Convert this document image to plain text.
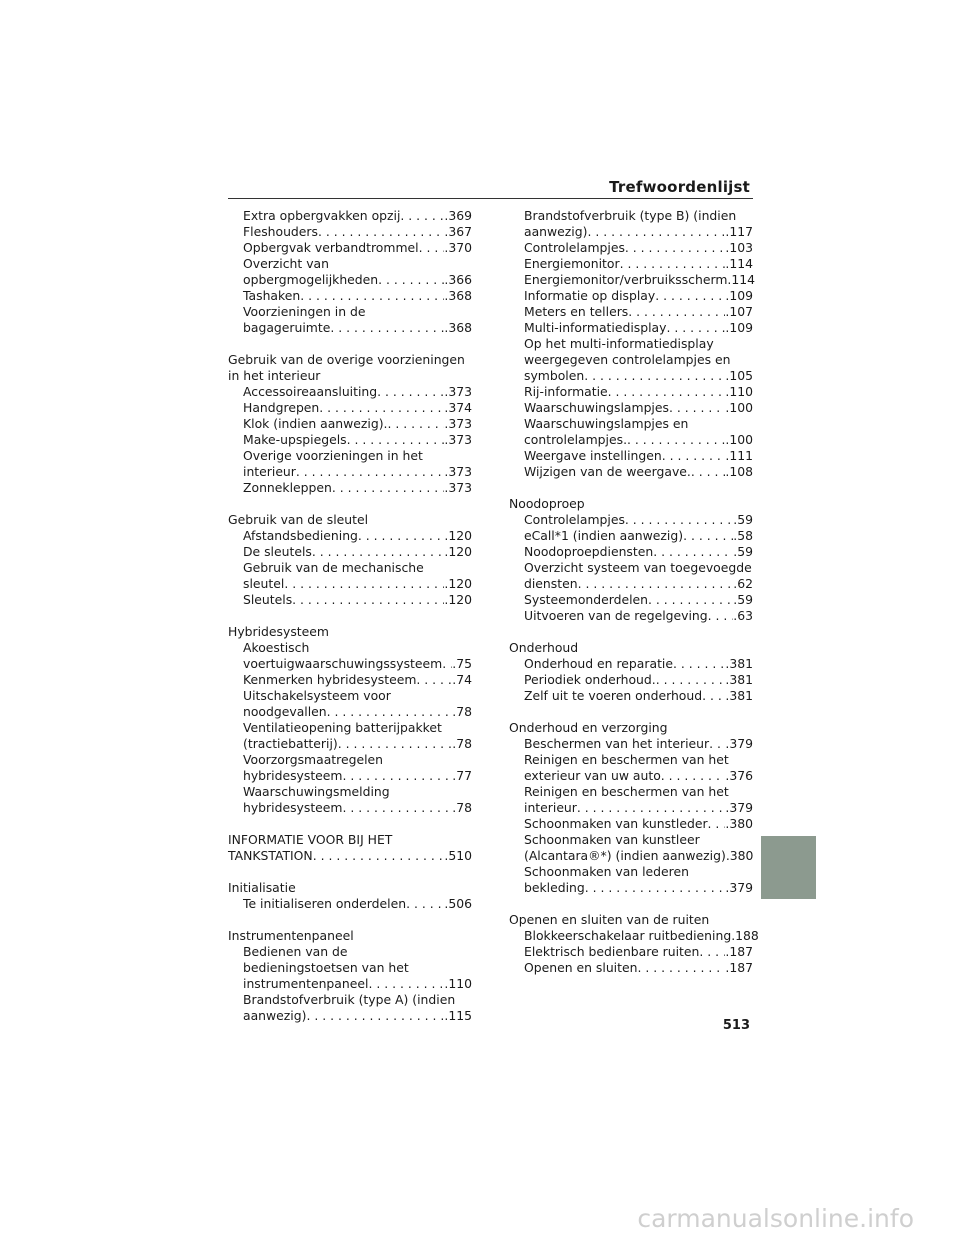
Trefwoordenlijst
Extra opbergvakken opzij . . .	.369
Fleshouders . . .	.367
Opbergvak verbandtrommel . . . .370
Overzicht van
opbergmogelijkheden . . .	.366
Tashaken . . .	.368
Voorzieningen in de
bagageruimte . . .	.368
Gebruik van de overige voorzieningen
in het interieur
Accessoireaansluiting . . .	.373
Handgrepen . . .	.374
Klok (indien aanwezig). . . .	.373
Make-upspiegels . . .	.373
Overige voorzieningen in het
interieur . . .	.373
Zonnekleppen . . .	.373
Gebruik van de sleutel
Afstandsbediening . . .	.120
De sleutels . . .	.120
Gebruik van de mechanische
sleutel . . .	.120
Sleutels . . .	.120
Hybridesysteem
Akoestisch
voertuigwaarschuwingssysteem . . . .75
Kenmerken hybridesysteem . . .	.74
Uitschakelsysteem voor
noodgevallen . . .	.78
Ventilatieopening batterijpakket
(tractiebatterij) . . .	.78
Voorzorgsmaatregelen
hybridesysteem . . .	.77
Waarschuwingsmelding
hybridesysteem . . .	.78
INFORMATIE VOOR BIJ HET
TANKSTATION . . .	.510
Initialisatie
Te initialiseren onderdelen . . .	.506
Instrumentenpaneel
Bedienen van de
bedieningstoetsen van het
instrumentenpaneel . . .	.110
Brandstofverbruik (type A) (indien
aanwezig) . . .	.115
Brandstofverbruik (type B) (indien
aanwezig) . . .	.117
Controlelampjes . . .	.103
Energiemonitor . . .	.114
Energiemonitor/verbruiksscherm .114
Informatie op display . . .	.109
Meters en tellers . . .	.107
Multi-informatiedisplay . . .	.109
Op het multi-informatiedisplay
weergegeven controlelampjes en
symbolen . . .	.105
Rij-informatie . . .	.110
Waarschuwingslampjes . . .	.100
Waarschuwingslampjes en
controlelampjes. . . .	.100
Weergave instellingen . . .	.111
Wijzigen van de weergave. . . .	.108
Noodoproep
Controlelampjes . . .	.59
eCall*1 (indien aanwezig) . . .	.58
Noodoproepdiensten . . .	.59
Overzicht systeem van toegevoegde
diensten . . .	.62
Systeemonderdelen . . .	.59
Uitvoeren van de regelgeving . . . .63
Onderhoud
Onderhoud en reparatie . . .	.381
Periodiek onderhoud. . . .	.381
Zelf uit te voeren onderhoud . . . .381
Onderhoud en verzorging
Beschermen van het interieur . . . .379
Reinigen en beschermen van het
exterieur van uw auto . . .	.376
Reinigen en beschermen van het
interieur . . .	.379
Schoonmaken van kunstleder . . . .380
Schoonmaken van kunstleer
(Alcantara®*) (indien aanwezig) .380
Schoonmaken van lederen
bekleding . . .	.379
Openen en sluiten van de ruiten
Blokkeerschakelaar ruitbediening .188
Elektrisch bedienbare ruiten . . . .187
Openen en sluiten . . .	.187
513
carmanualsonline.info
